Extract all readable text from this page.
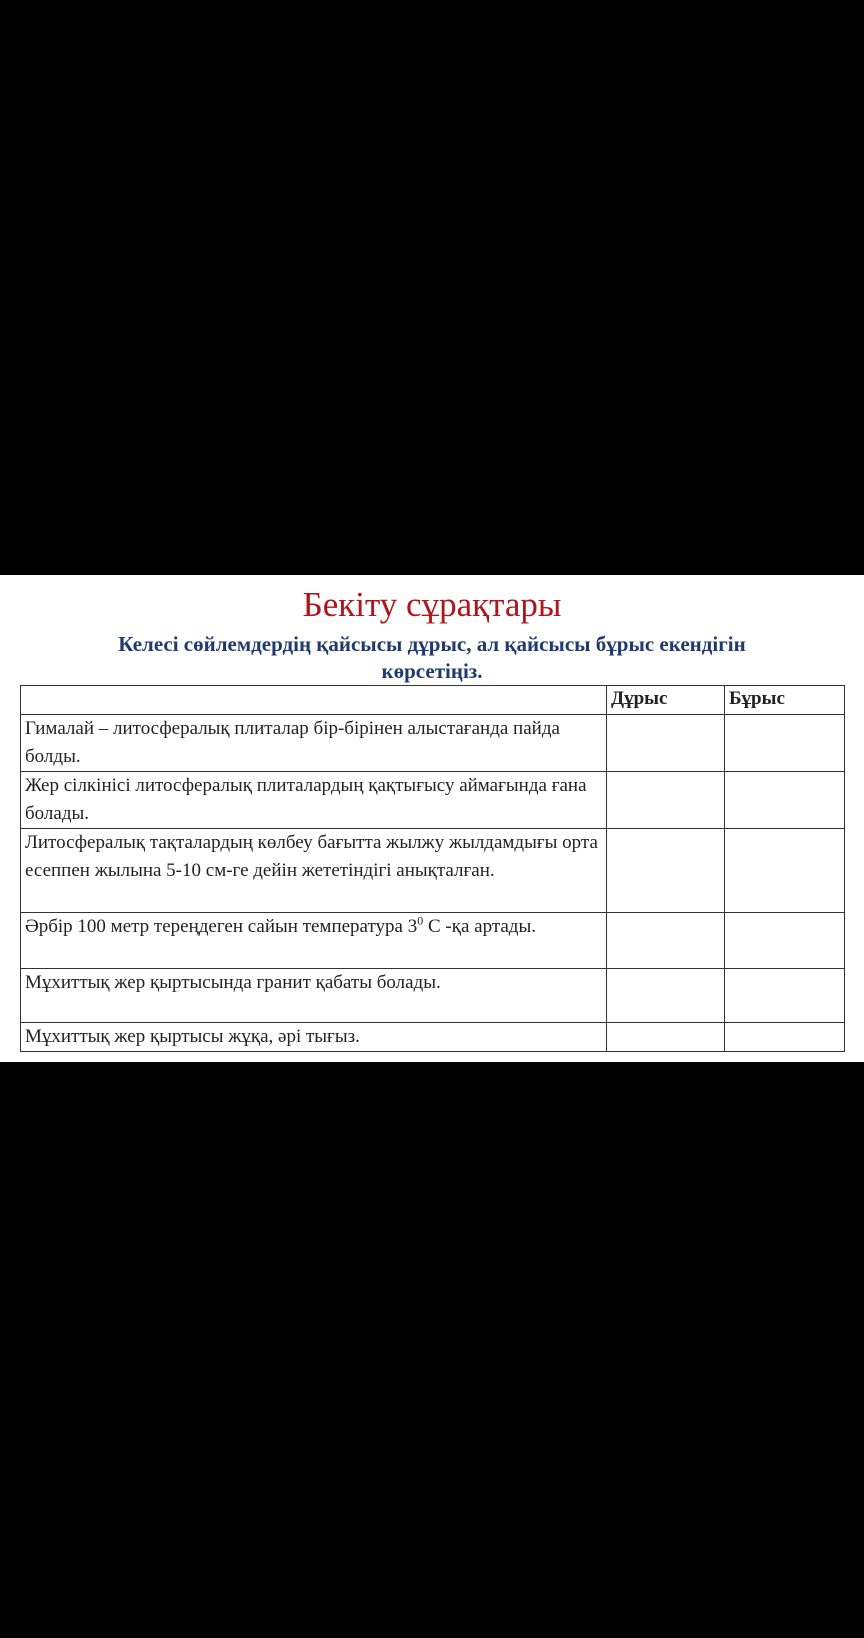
Бекіту сұрақтары
Келесі сөйлемдердің қайсысы дұрыс, ал қайсысы бұрыс екендігін
көрсетіңіз.
	Дұрыс	Бұрыс
Гималай – литосфералық плиталар бір-бірінен алыстағанда пайда болды.		
Жер сілкінісі литосфералық плиталардың қақтығысу аймағында ғана болады.		
Литосфералық тақталардың көлбеу бағытта жылжу жылдамдығы орта есеппен жылына 5-10 см-ге дейін жететіндігі анықталған.		
Әрбір 100 метр тереңдеген сайын температура $3^0$ С -қа артады.		
Мұхиттық жер қыртысында гранит қабаты болады.		
Мұхиттық жер қыртысы жұқа, әрі тығыз.		
